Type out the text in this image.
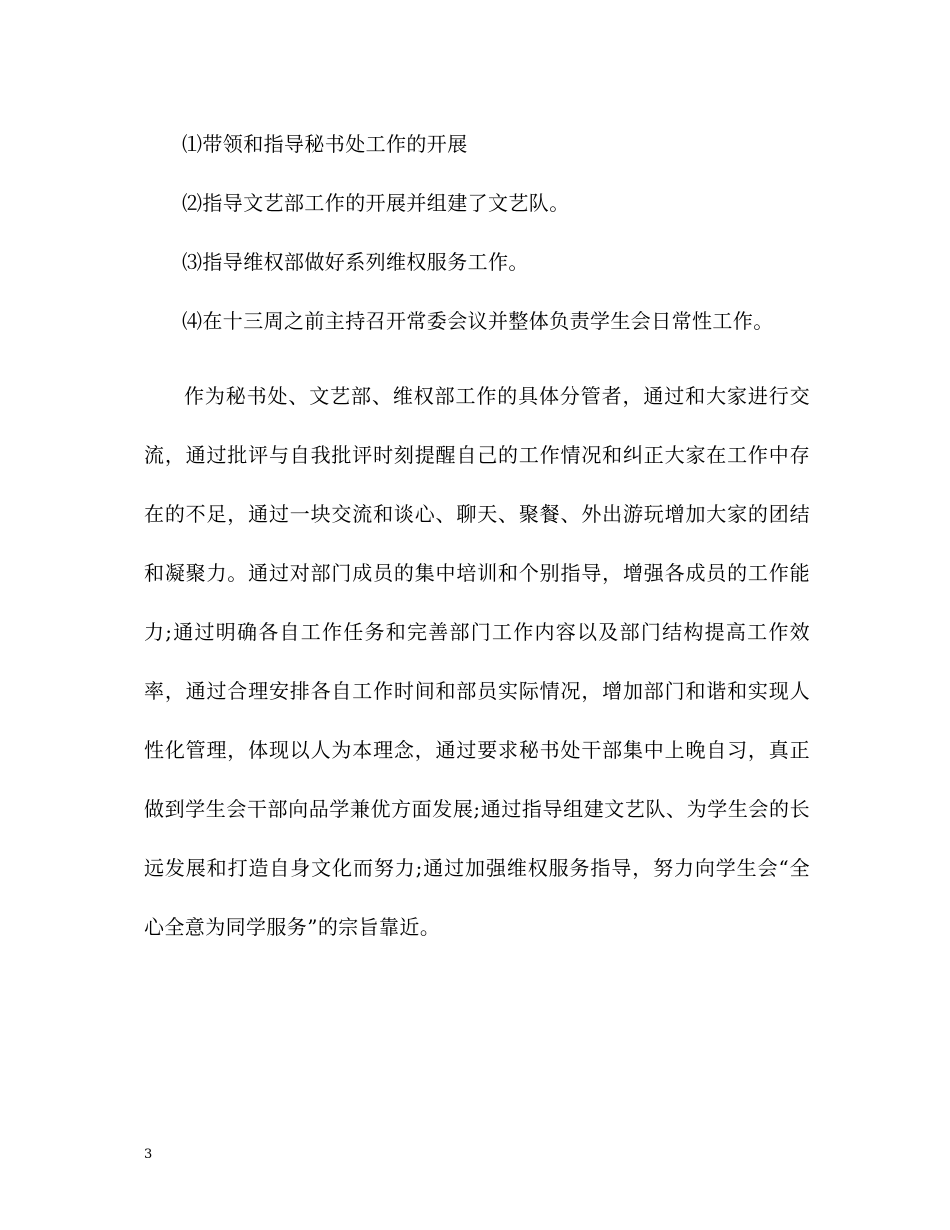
⑴带领和指导秘书处工作的开展
⑵指导文艺部工作的开展并组建了文艺队。
⑶指导维权部做好系列维权服务工作。
⑷在十三周之前主持召开常委会议并整体负责学生会日常性工作。

作为秘书处、文艺部、维权部工作的具体分管者，通过和大家进行交流，通过批评与自我批评时刻提醒自己的工作情况和纠正大家在工作中存在的不足，通过一块交流和谈心、聊天、聚餐、外出游玩增加大家的团结和凝聚力。通过对部门成员的集中培训和个别指导，增强各成员的工作能力;通过明确各自工作任务和完善部门工作内容以及部门结构提高工作效率，通过合理安排各自工作时间和部员实际情况，增加部门和谐和实现人性化管理，体现以人为本理念，通过要求秘书处干部集中上晚自习，真正做到学生会干部向品学兼优方面发展;通过指导组建文艺队、为学生会的长远发展和打造自身文化而努力;通过加强维权服务指导，努力向学生会“全心全意为同学服务”的宗旨靠近。

3
